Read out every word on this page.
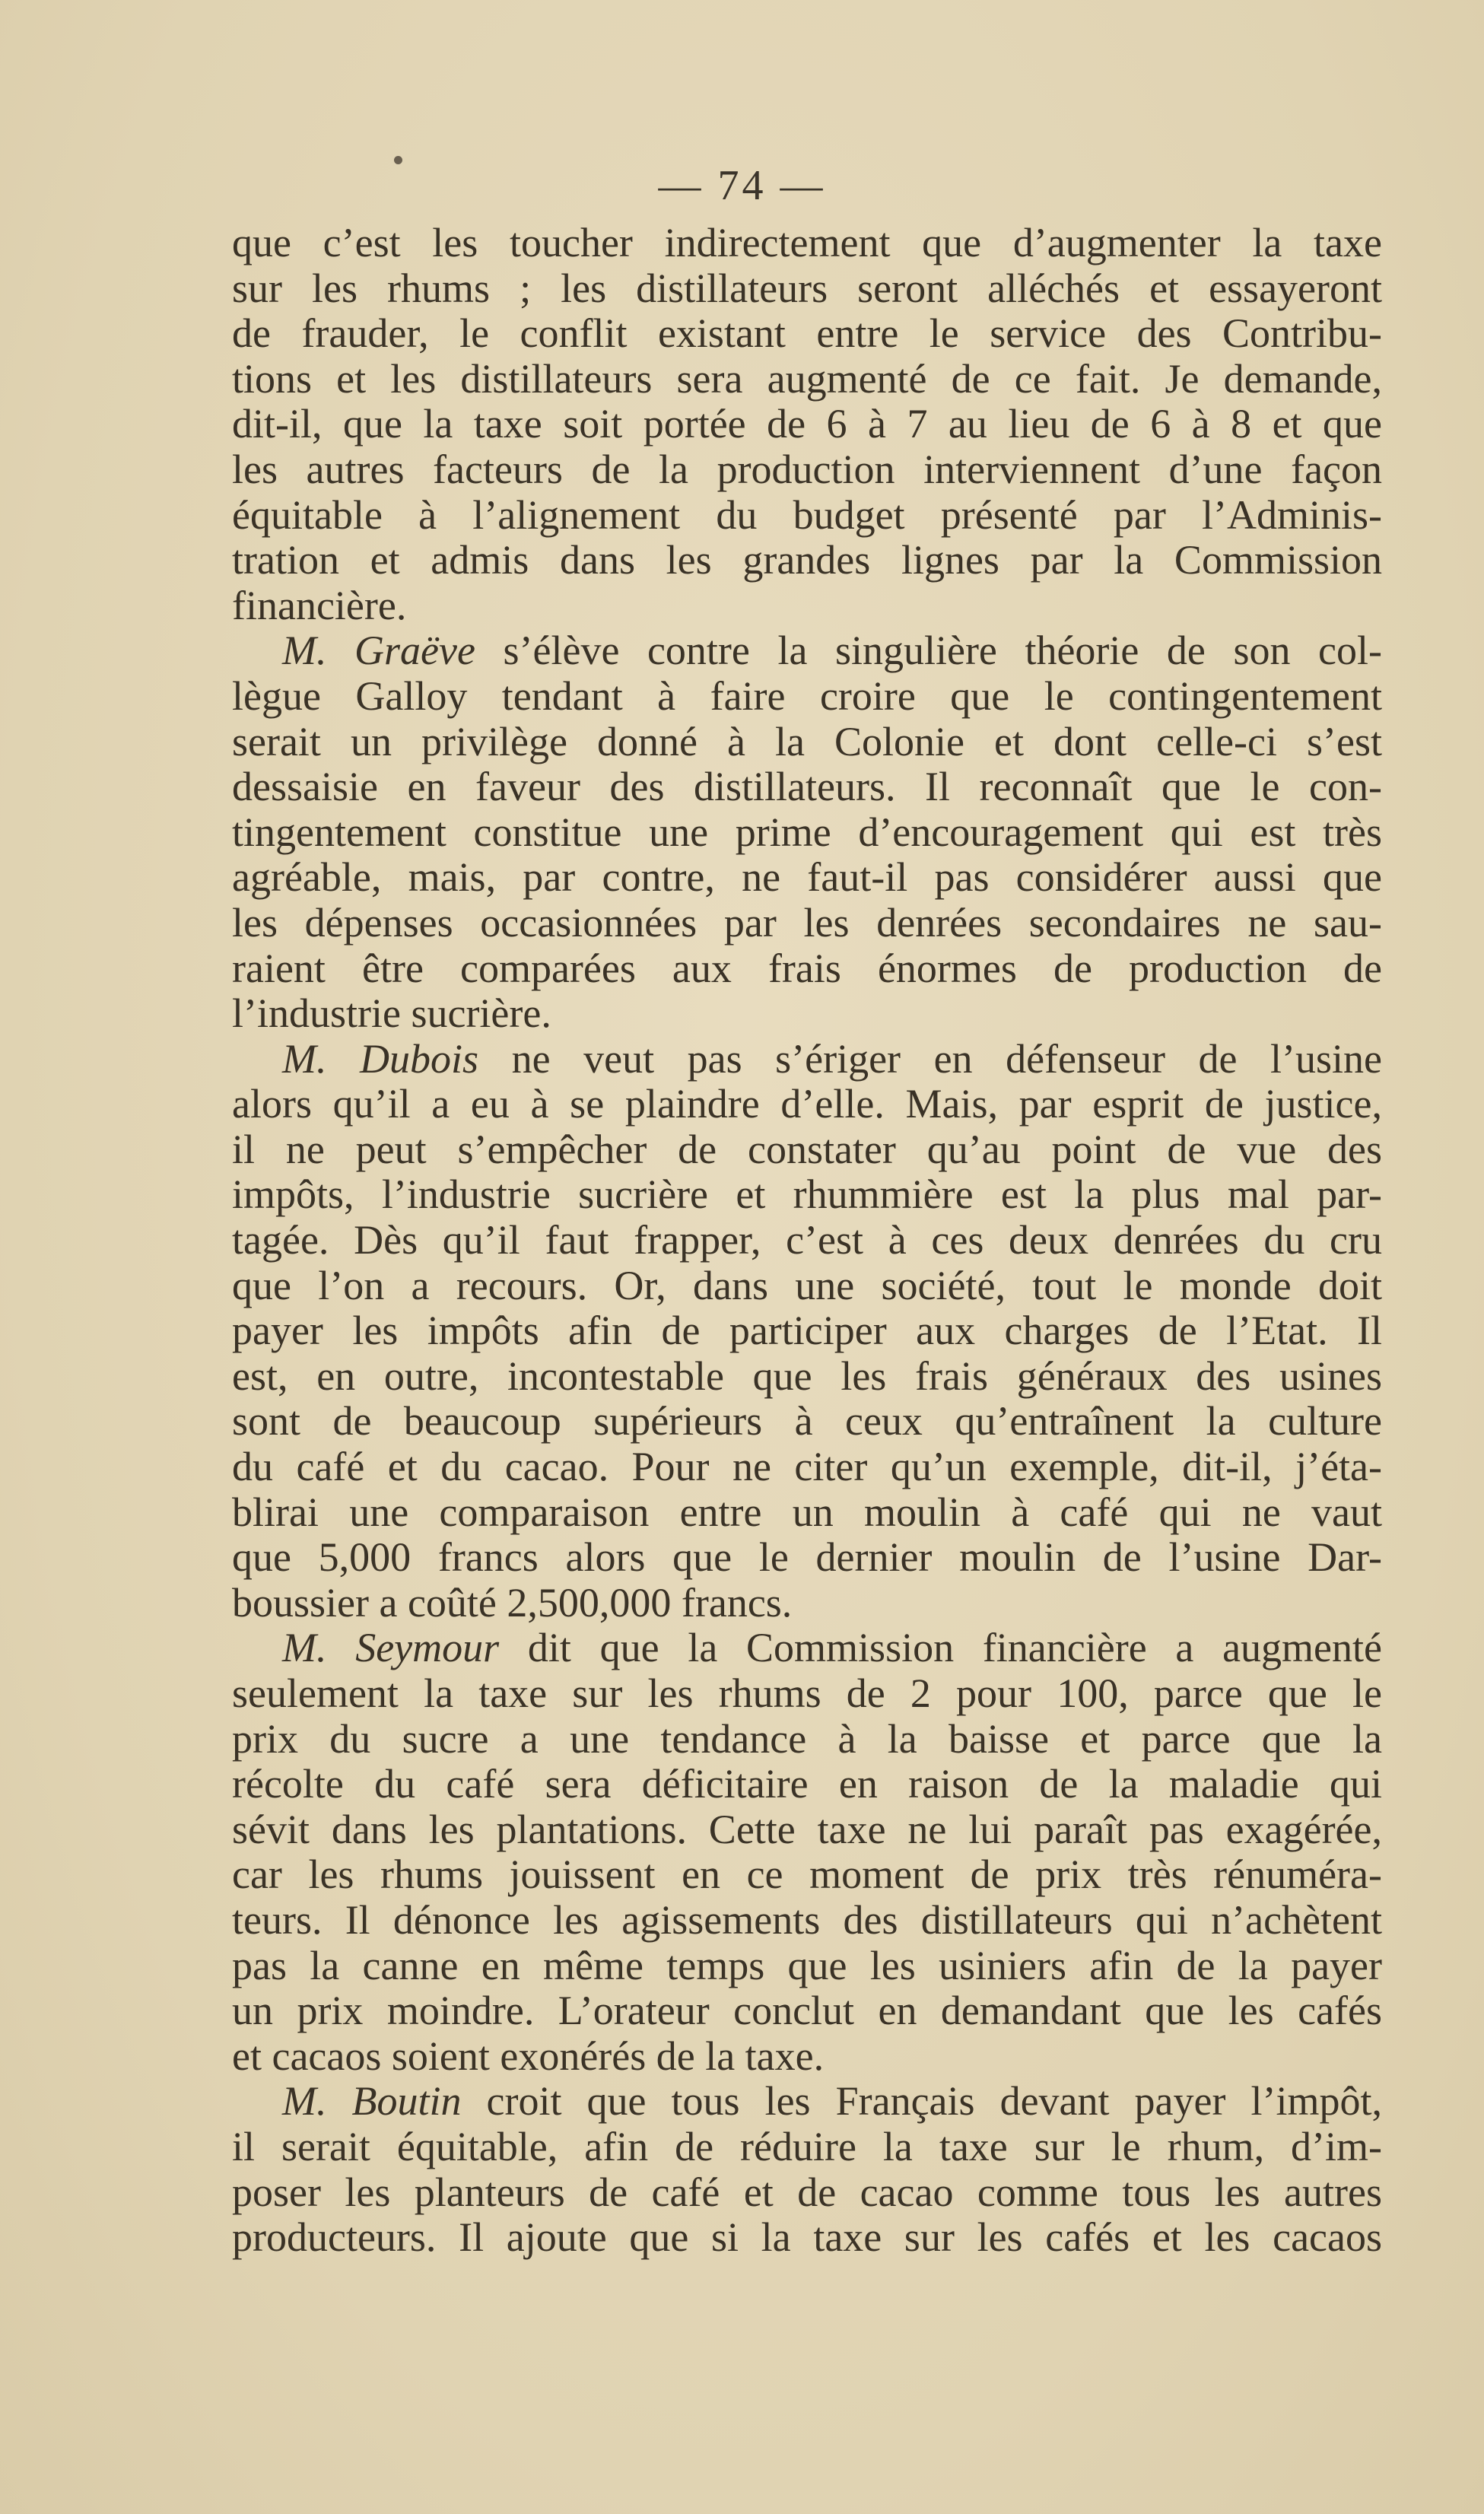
— 74 —
que c’est les toucher indirectement que d’augmenter la taxe
sur les rhums ; les distillateurs seront alléchés et essayeront
de frauder, le conflit existant entre le service des Contribu-
tions et les distillateurs sera augmenté de ce fait. Je demande,
dit-il, que la taxe soit portée de 6 à 7 au lieu de 6 à 8 et que
les autres facteurs de la production interviennent d’une façon
équitable à l’alignement du budget présenté par l’Adminis-
tration et admis dans les grandes lignes par la Commission
financière.
M. Graëve s’élève contre la singulière théorie de son col-
lègue Galloy tendant à faire croire que le contingentement
serait un privilège donné à la Colonie et dont celle-ci s’est
dessaisie en faveur des distillateurs. Il reconnaît que le con-
tingentement constitue une prime d’encouragement qui est très
agréable, mais, par contre, ne faut-il pas considérer aussi que
les dépenses occasionnées par les denrées secondaires ne sau-
raient être comparées aux frais énormes de production de
l’industrie sucrière.
M. Dubois ne veut pas s’ériger en défenseur de l’usine
alors qu’il a eu à se plaindre d’elle. Mais, par esprit de justice,
il ne peut s’empêcher de constater qu’au point de vue des
impôts, l’industrie sucrière et rhummière est la plus mal par-
tagée. Dès qu’il faut frapper, c’est à ces deux denrées du cru
que l’on a recours. Or, dans une société, tout le monde doit
payer les impôts afin de participer aux charges de l’Etat. Il
est, en outre, incontestable que les frais généraux des usines
sont de beaucoup supérieurs à ceux qu’entraînent la culture
du café et du cacao. Pour ne citer qu’un exemple, dit-il, j’éta-
blirai une comparaison entre un moulin à café qui ne vaut
que 5,000 francs alors que le dernier moulin de l’usine Dar-
boussier a coûté 2,500,000 francs.
M. Seymour dit que la Commission financière a augmenté
seulement la taxe sur les rhums de 2 pour 100, parce que le
prix du sucre a une tendance à la baisse et parce que la
récolte du café sera déficitaire en raison de la maladie qui
sévit dans les plantations. Cette taxe ne lui paraît pas exagérée,
car les rhums jouissent en ce moment de prix très rénuméra-
teurs. Il dénonce les agissements des distillateurs qui n’achètent
pas la canne en même temps que les usiniers afin de la payer
un prix moindre. L’orateur conclut en demandant que les cafés
et cacaos soient exonérés de la taxe.
M. Boutin croit que tous les Français devant payer l’impôt,
il serait équitable, afin de réduire la taxe sur le rhum, d’im-
poser les planteurs de café et de cacao comme tous les autres
producteurs. Il ajoute que si la taxe sur les cafés et les cacaos
